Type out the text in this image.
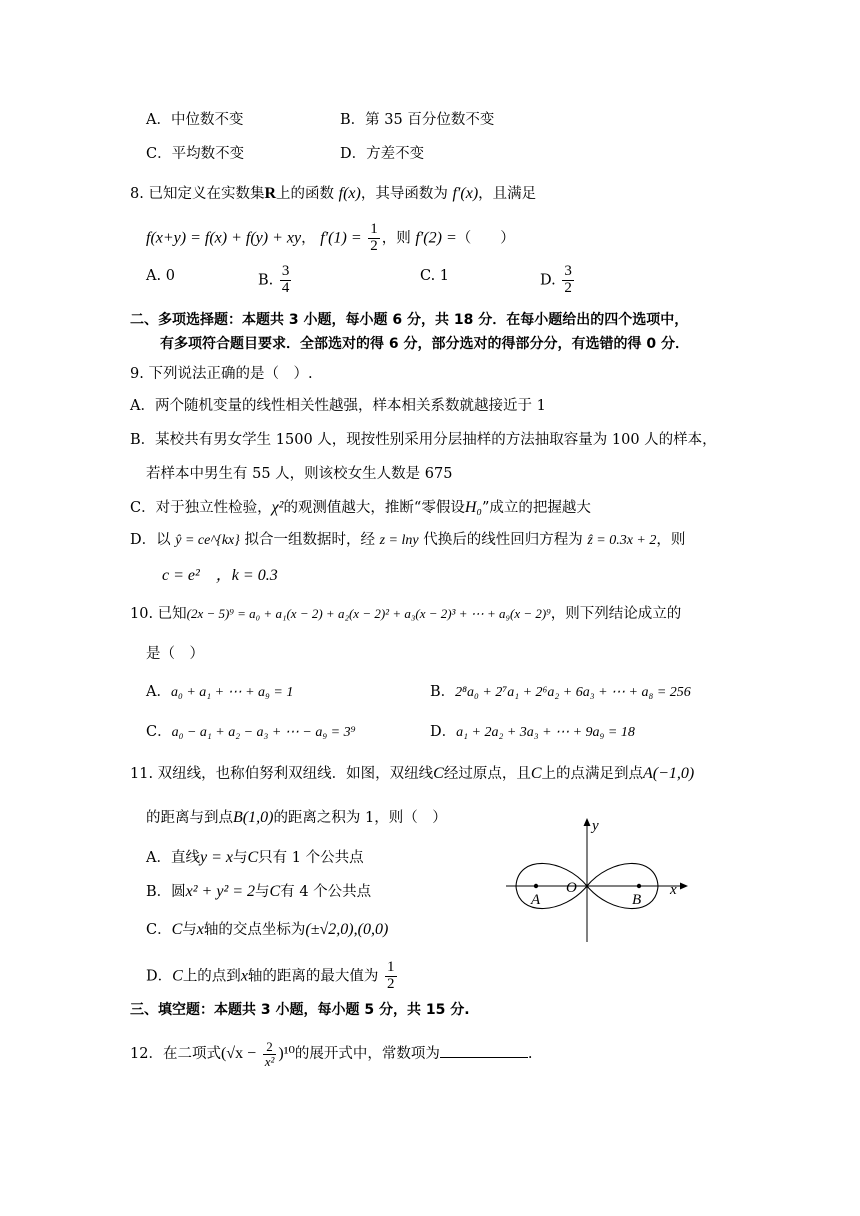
A．中位数不变	B．第 35 百分位数不变
C．平均数不变	D．方差不变
8. 已知定义在实数集R上的函数 f(x)，其导函数为 f′(x)，且满足
f(x+y) = f(x) + f(y) + xy， $f'(1) = \frac{1}{2}$ ，则 f′(2) =（　　）
A. 0	B. $\frac{3}{4}$	C. 1	D. $\frac{3}{2}$
二、多项选择题：本题共 3 小题，每小题 6 分，共 18 分．在每小题给出的四个选项中，
有多项符合题目要求．全部选对的得 6 分，部分选对的得部分分，有选错的得 0 分．
9. 下列说法正确的是（　）.
A．两个随机变量的线性相关性越强，样本相关系数就越接近于 1
B．某校共有男女学生 1500 人，现按性别采用分层抽样的方法抽取容量为 100 人的样本，
若样本中男生有 55 人，则该校女生人数是 675
C．对于独立性检验，χ²的观测值越大，推断“零假设H₀”成立的把握越大
D．以 ŷ = ce^{kx} 拟合一组数据时，经 z = lny 代换后的线性回归方程为 ẑ = 0.3x + 2，则
c = e²　，k = 0.3
10. 已知(2x − 5)⁹ = a₀ + a₁(x − 2) + a₂(x − 2)² + a₃(x − 2)³ + ⋯ + a₉(x − 2)⁹，则下列结论成立的
是（　）
A．a₀ + a₁ + ⋯ + a₉ = 1	B．2⁸a₀ + 2⁷a₁ + 2⁶a₂ + 6a₃ + ⋯ + a₈ = 256
C．a₀ − a₁ + a₂ − a₃ + ⋯ − a₉ = 3⁹	D．a₁ + 2a₂ + 3a₃ + ⋯ + 9a₉ = 18
11. 双纽线，也称伯努利双纽线．如图，双纽线C经过原点，且C上的点满足到点A(−1,0)
的距离与到点B(1,0)的距离之积为 1，则（　）
A．直线y = x与C只有 1 个公共点
B．圆x² + y² = 2与C有 4 个公共点
C．C与x轴的交点坐标为(±√2,0),(0,0)
D．C上的点到x轴的距离的最大值为 $\frac{1}{2}$
y
x
A
O
B
三、填空题：本题共 3 小题，每小题 5 分，共 15 分.
12．在二项式$(√x - \frac{2}{\text{x²}} )^{10}$的展开式中，常数项为	.
